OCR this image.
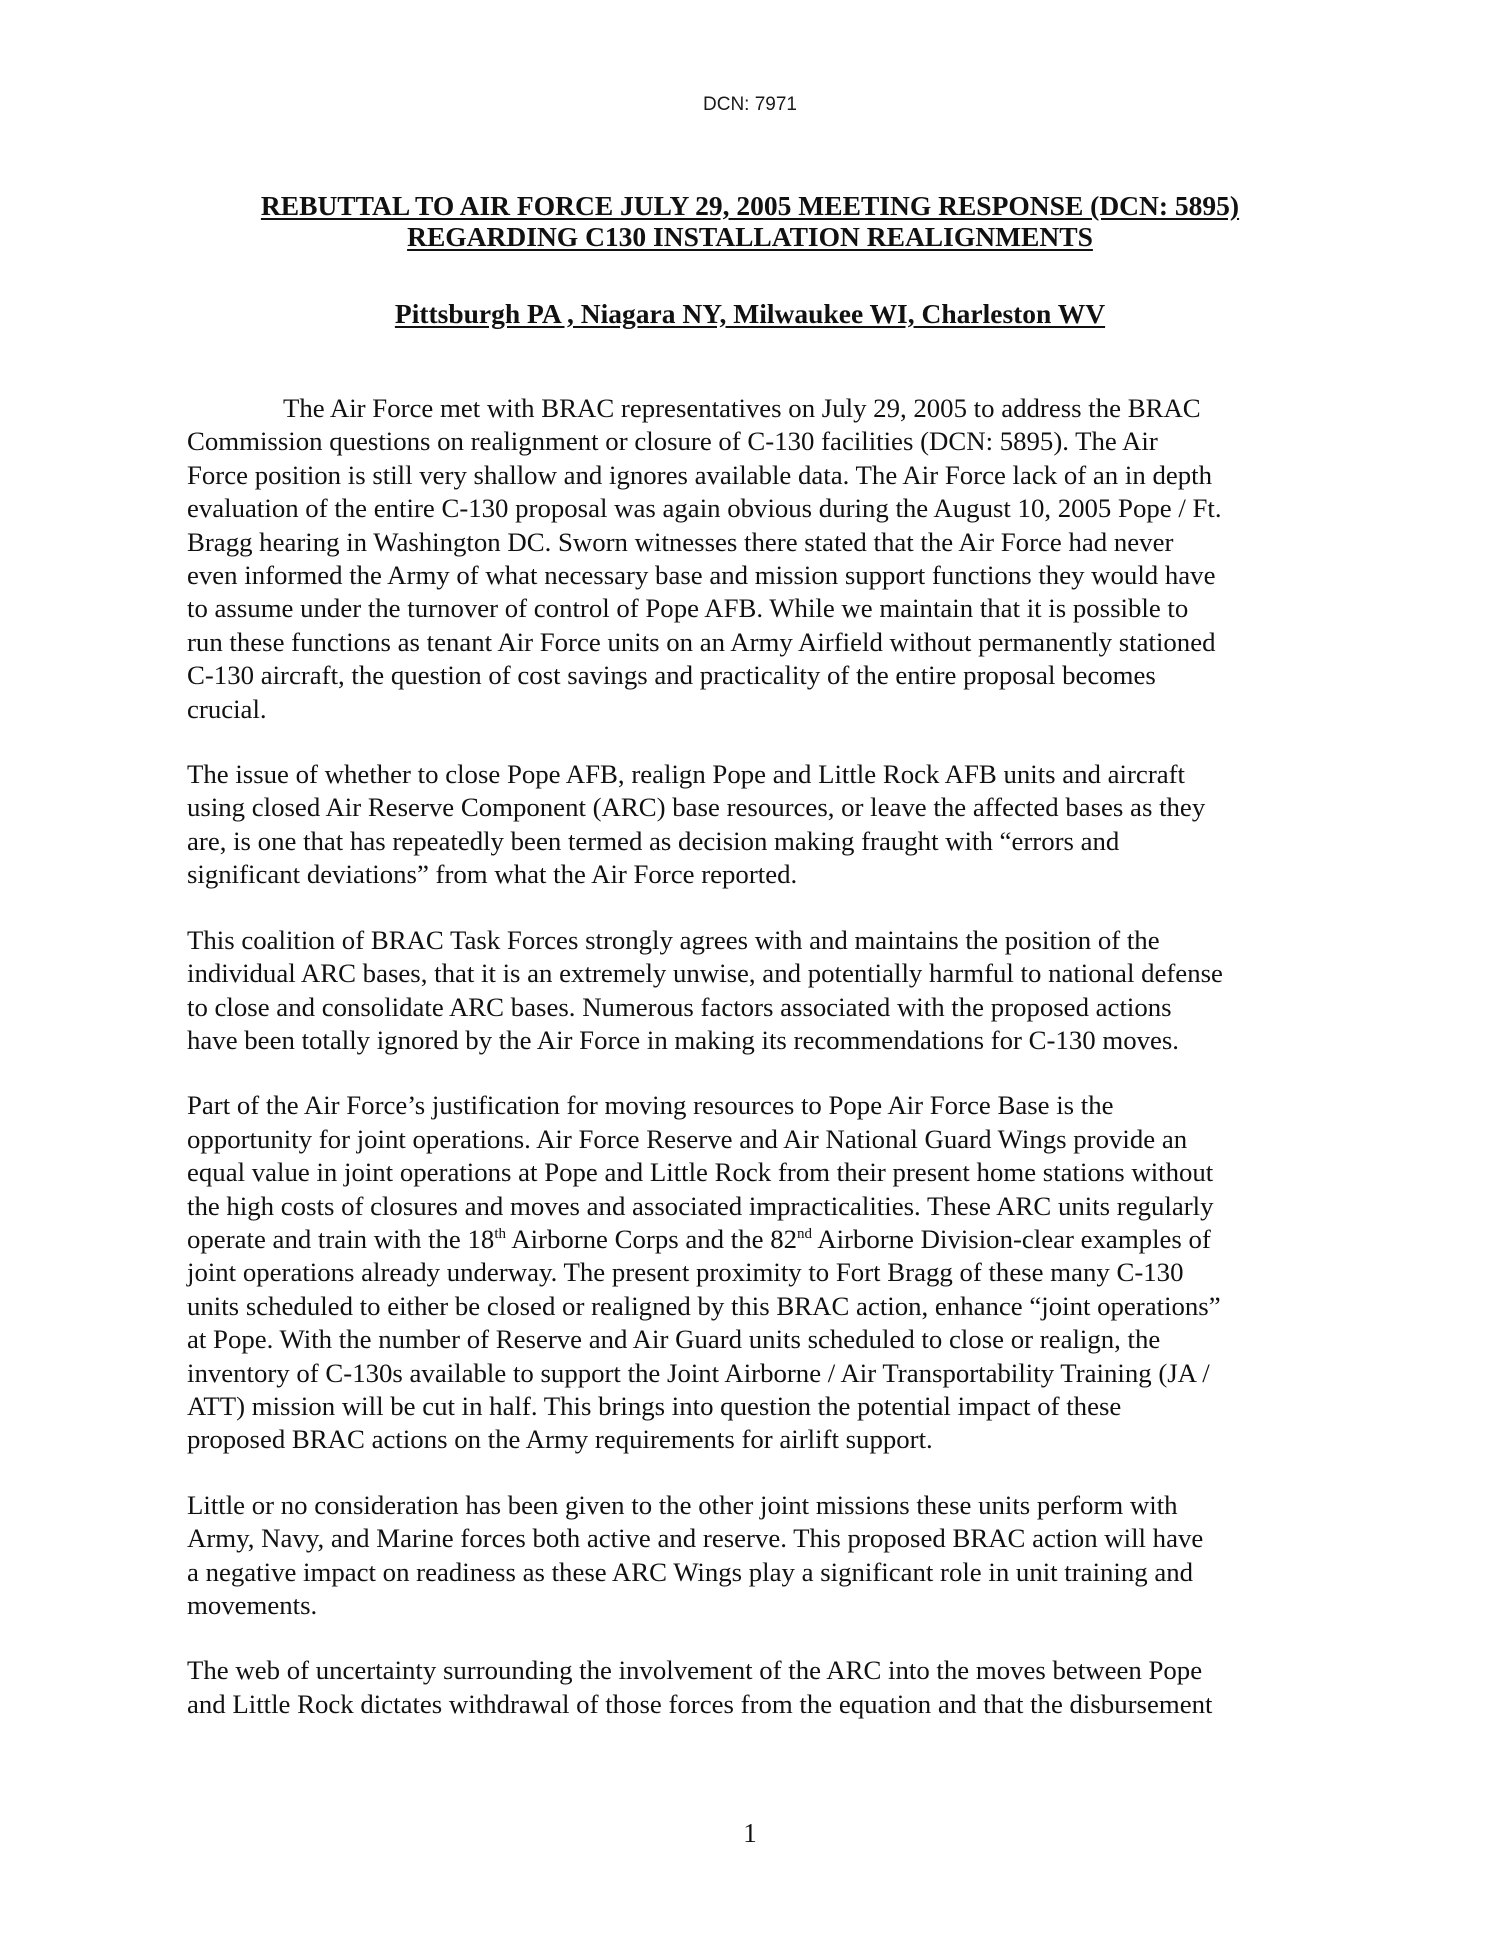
DCN: 7971
REBUTTAL TO AIR FORCE JULY 29, 2005 MEETING RESPONSE (DCN: 5895)
REGARDING C130 INSTALLATION REALIGNMENTS
Pittsburgh PA , Niagara NY, Milwaukee WI, Charleston WV

The Air Force met with BRAC representatives on July 29, 2005 to address the BRAC
Commission questions on realignment or closure of C-130 facilities (DCN: 5895). The Air
Force position is still very shallow and ignores available data. The Air Force lack of an in depth
evaluation of the entire C-130 proposal was again obvious during the August 10, 2005 Pope / Ft.
Bragg hearing in Washington DC. Sworn witnesses there stated that the Air Force had never
even informed the Army of what necessary base and mission support functions they would have
to assume under the turnover of control of Pope AFB. While we maintain that it is possible to
run these functions as tenant Air Force units on an Army Airfield without permanently stationed
C-130 aircraft, the question of cost savings and practicality of the entire proposal becomes
crucial.

The issue of whether to close Pope AFB, realign Pope and Little Rock AFB units and aircraft
using closed Air Reserve Component (ARC) base resources, or leave the affected bases as they
are, is one that has repeatedly been termed as decision making fraught with “errors and
significant deviations” from what the Air Force reported.

This coalition of BRAC Task Forces strongly agrees with and maintains the position of the
individual ARC bases, that it is an extremely unwise, and potentially harmful to national defense
to close and consolidate ARC bases. Numerous factors associated with the proposed actions
have been totally ignored by the Air Force in making its recommendations for C-130 moves.

Part of the Air Force’s justification for moving resources to Pope Air Force Base is the
opportunity for joint operations. Air Force Reserve and Air National Guard Wings provide an
equal value in joint operations at Pope and Little Rock from their present home stations without
the high costs of closures and moves and associated impracticalities. These ARC units regularly
operate and train with the 18th Airborne Corps and the 82nd Airborne Division-clear examples of
joint operations already underway. The present proximity to Fort Bragg of these many C-130
units scheduled to either be closed or realigned by this BRAC action, enhance “joint operations”
at Pope. With the number of Reserve and Air Guard units scheduled to close or realign, the
inventory of C-130s available to support the Joint Airborne / Air Transportability Training (JA /
ATT) mission will be cut in half. This brings into question the potential impact of these
proposed BRAC actions on the Army requirements for airlift support.

Little or no consideration has been given to the other joint missions these units perform with
Army, Navy, and Marine forces both active and reserve. This proposed BRAC action will have
a negative impact on readiness as these ARC Wings play a significant role in unit training and
movements.

The web of uncertainty surrounding the involvement of the ARC into the moves between Pope
and Little Rock dictates withdrawal of those forces from the equation and that the disbursement

1
